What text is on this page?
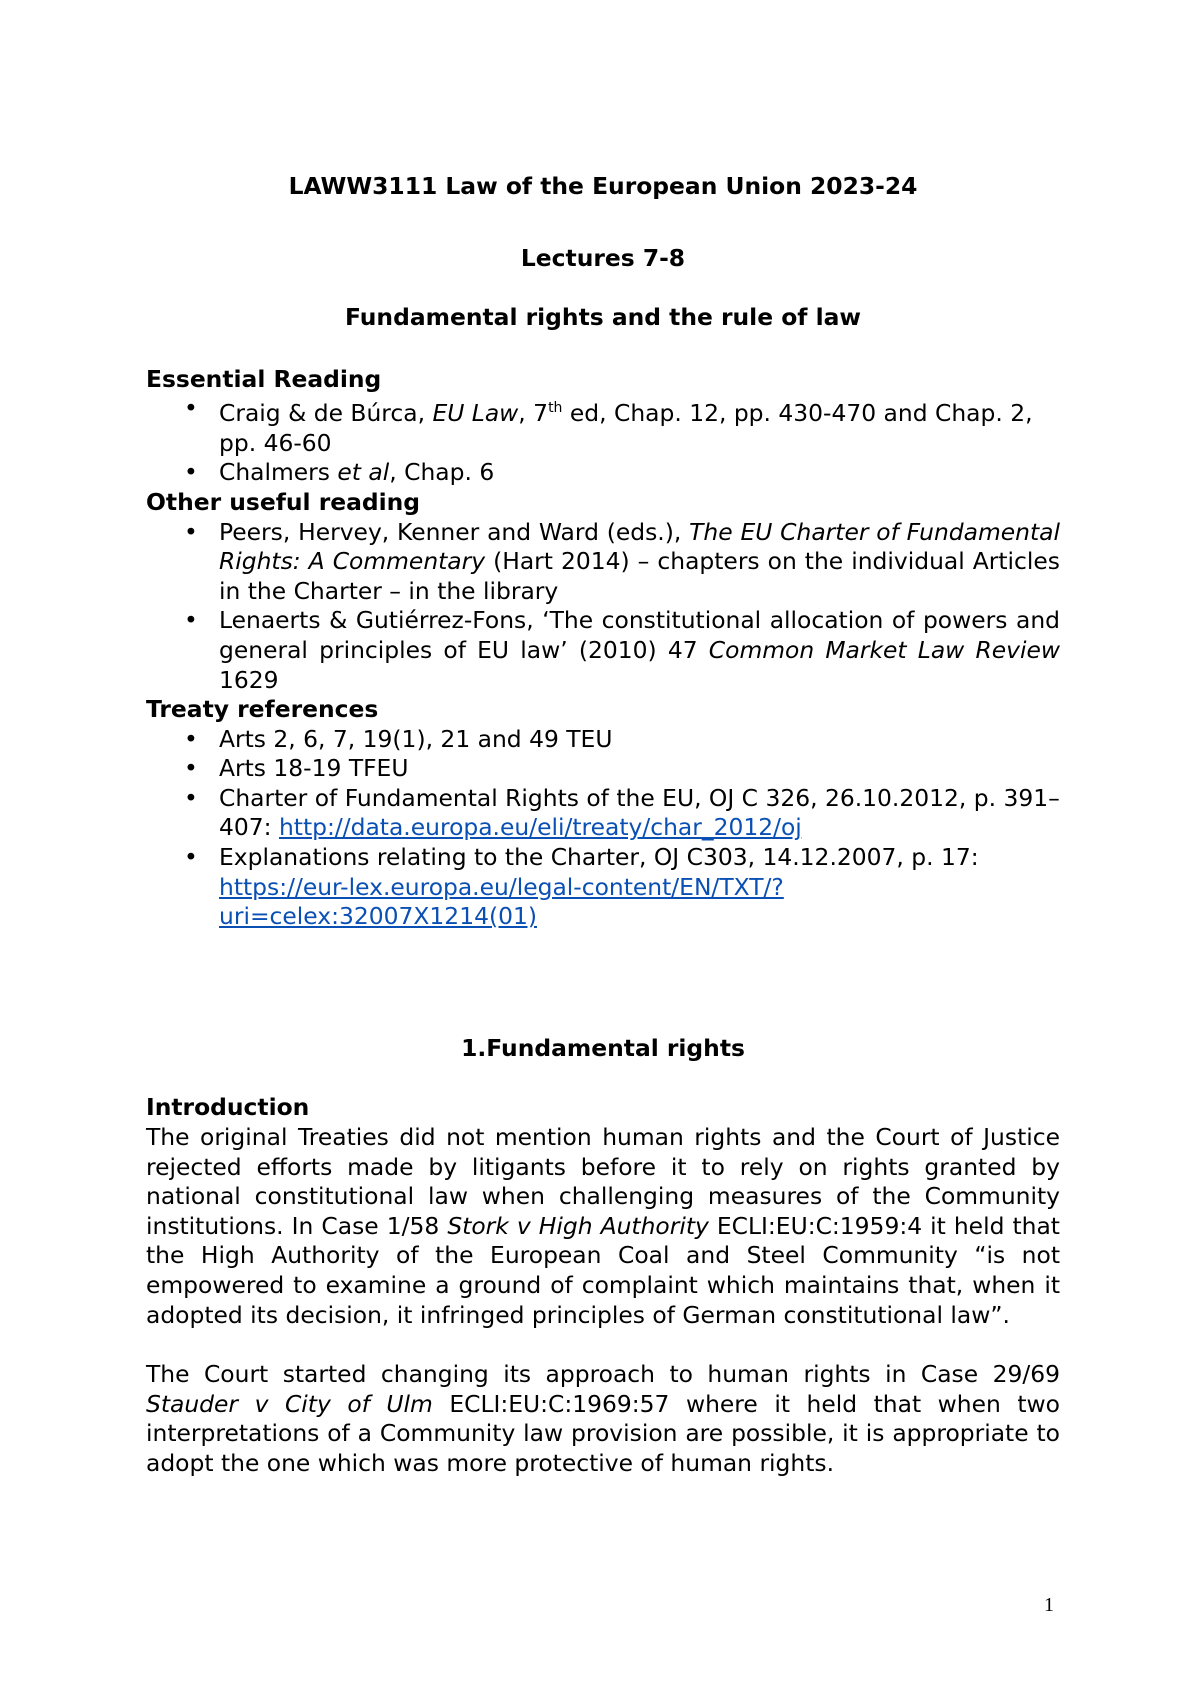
LAWW3111 Law of the European Union 2023-24
Lectures 7-8
Fundamental rights and the rule of law
Essential Reading
• Craig & de Búrca, EU Law, 7th ed, Chap. 12, pp. 430-470 and Chap. 2, pp. 46-60
• Chalmers et al, Chap. 6
Other useful reading
• Peers, Hervey, Kenner and Ward (eds.), The EU Charter of Fundamental Rights: A Commentary (Hart 2014) – chapters on the individual Articles in the Charter – in the library
• Lenaerts & Gutiérrez-Fons, ‘The constitutional allocation of powers and general principles of EU law’ (2010) 47 Common Market Law Review 1629
Treaty references
• Arts 2, 6, 7, 19(1), 21 and 49 TEU
• Arts 18-19 TFEU
• Charter of Fundamental Rights of the EU, OJ C 326, 26.10.2012, p. 391–407: http://data.europa.eu/eli/treaty/char_2012/oj
• Explanations relating to the Charter, OJ C303, 14.12.2007, p. 17: https://eur-lex.europa.eu/legal-content/EN/TXT/?
uri=celex:32007X1214(01)
1.Fundamental rights
Introduction

The original Treaties did not mention human rights and the Court of Justice rejected efforts made by litigants before it to rely on rights granted by national constitutional law when challenging measures of the Community institutions. In Case 1/58 Stork v High Authority ECLI:EU:C:1959:4 it held that the High Authority of the European Coal and Steel Community “is not empowered to examine a ground of complaint which maintains that, when it adopted its decision, it infringed principles of German constitutional law”.

The Court started changing its approach to human rights in Case 29/69 Stauder v City of Ulm ECLI:EU:C:1969:57 where it held that when two interpretations of a Community law provision are possible, it is appropriate to adopt the one which was more protective of human rights.

1
